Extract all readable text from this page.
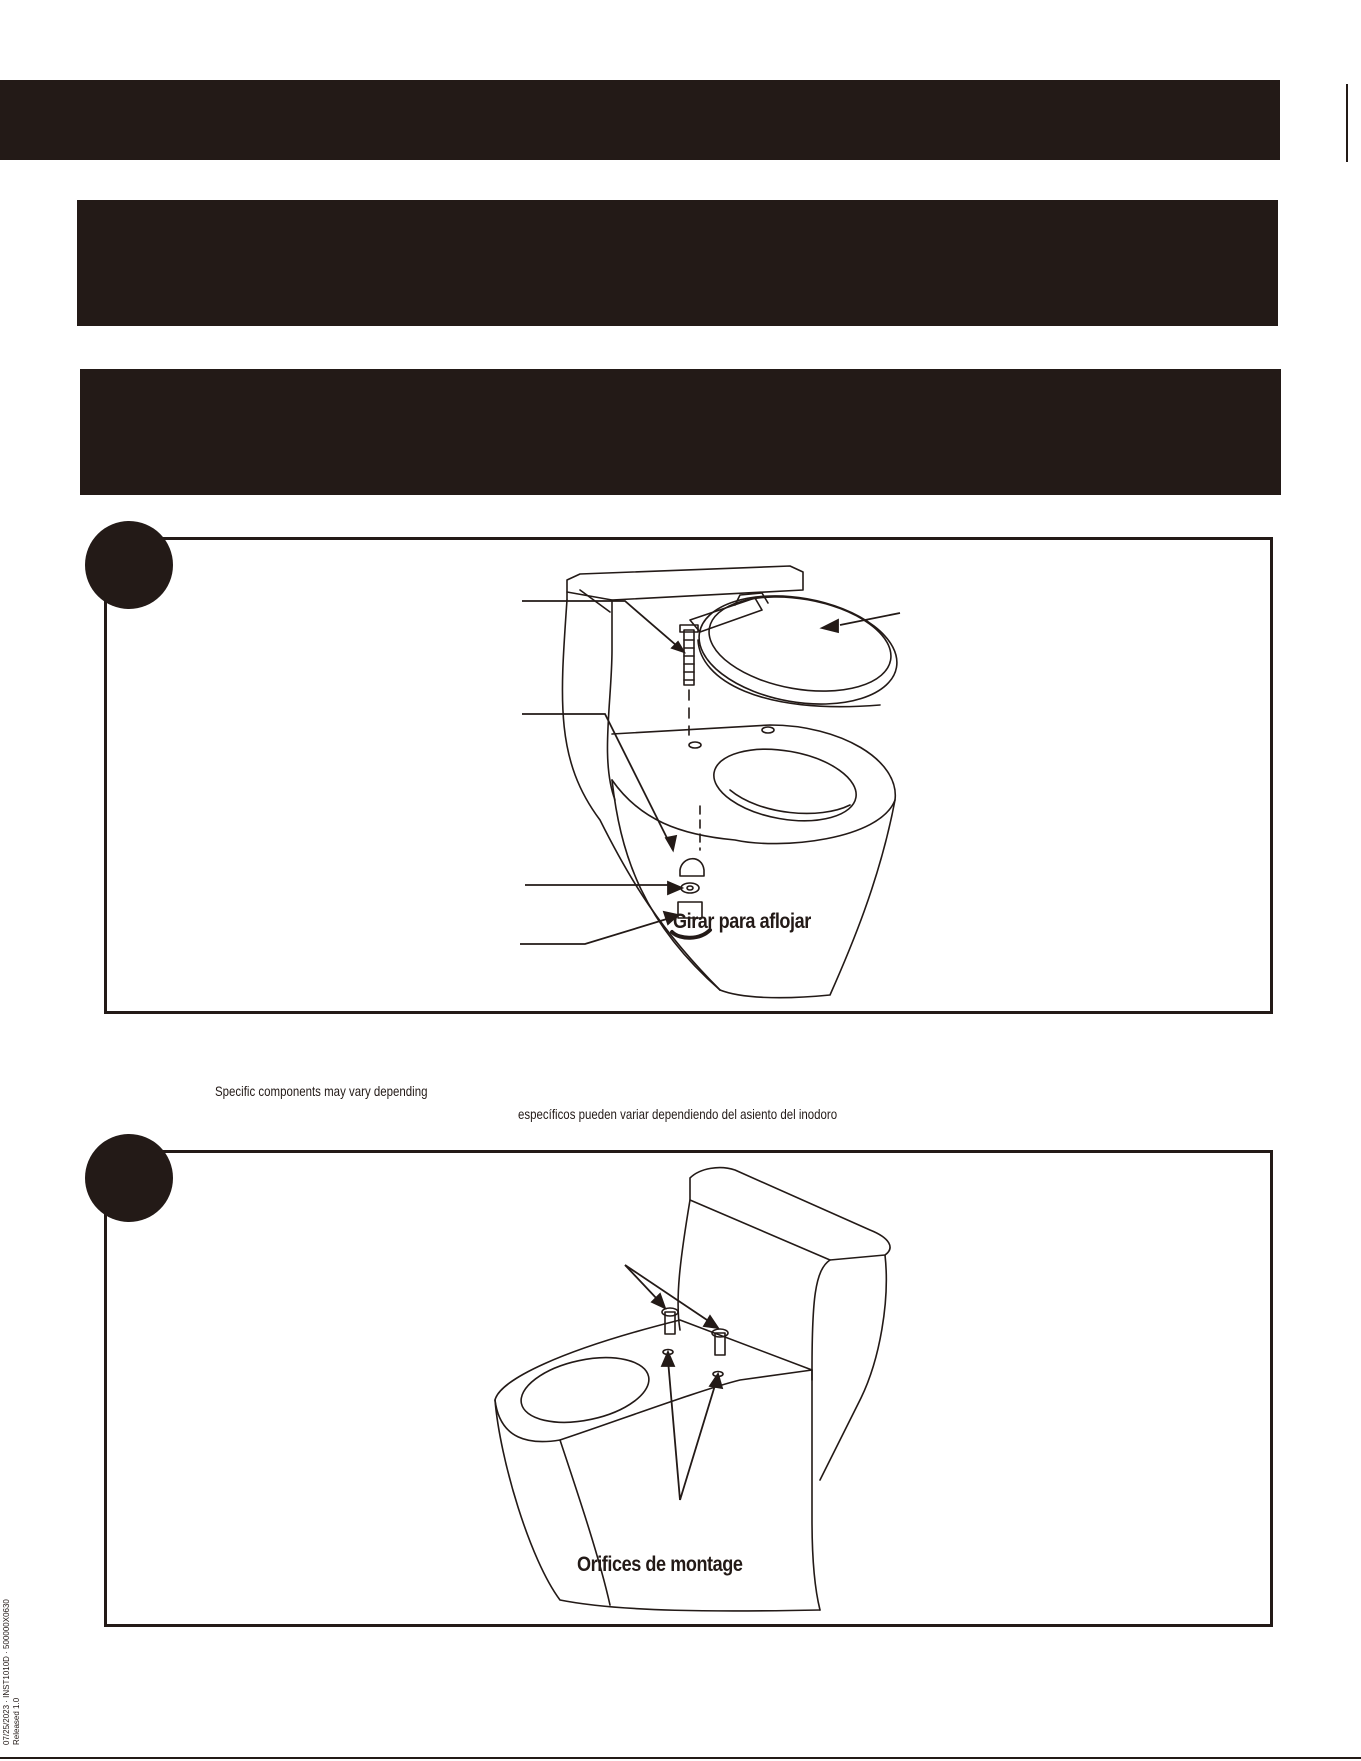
Girar para aflojar
Specific components may vary depending
específicos pueden variar dependiendo del asiento del inodoro
Orifices de montage
07/25/2023 · INST1010D · 500000X0630 Released 1.0
